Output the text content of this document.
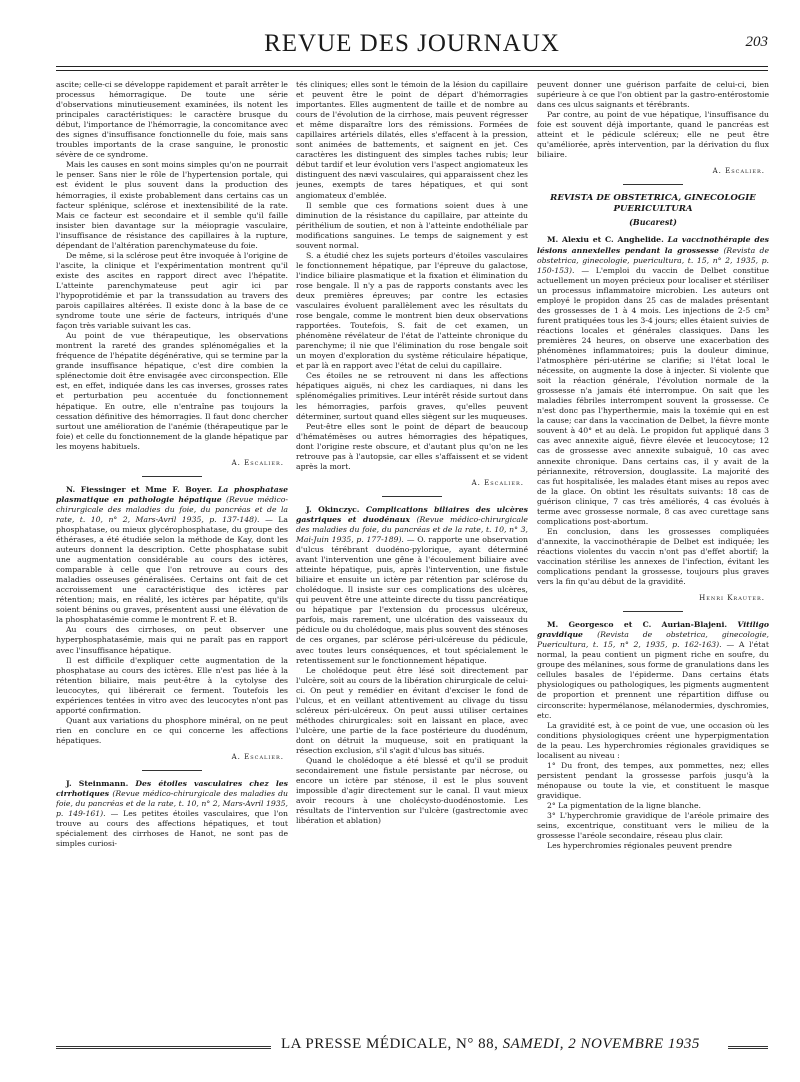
REVUE DES JOURNAUX	203

ascite; celle-ci se développe rapidement et paraît arrêter le processus hémorragique. De toute une série d'observations minutieusement examinées, ils notent les principales caractéristiques: le caractère brusque du début, l'importance de l'hémorragie, la concomitance avec des signes d'insuffisance fonctionnelle du foie, mais sans troubles importants de la crase sanguine, le pronostic sévère de ce syndrome.

Mais les causes en sont moins simples qu'on ne pourrait le penser. Sans nier le rôle de l'hypertension portale, qui est évident le plus souvent dans la production des hémorragies, il existe probablement dans certains cas un facteur splénique, sclérose et inextensibilité de la rate. Mais ce facteur est secondaire et il semble qu'il faille insister bien davantage sur la méiopragie vasculaire, l'insuffisance de résistance des capillaires à la rupture, dépendant de l'altération parenchymateuse du foie.

De même, si la sclérose peut être invoquée à l'origine de l'ascite, la clinique et l'expérimentation montrent qu'il existe des ascites en rapport direct avec l'hépatite. L'atteinte parenchymateuse peut agir ici par l'hypoprotidémie et par la transsudation au travers des parois capillaires altérées. Il existe donc à la base de ce syndrome toute une série de facteurs, intriqués d'une façon très variable suivant les cas.

Au point de vue thérapeutique, les observations montrent la rareté des grandes splénomégalies et la fréquence de l'hépatite dégénérative, qui se termine par la grande insuffisance hépatique, c'est dire combien la splénectomie doit être envisagée avec circonspection. Elle est, en effet, indiquée dans les cas inverses, grosses rates et perturbation peu accentuée du fonctionnement hépatique. En outre, elle n'entraîne pas toujours la cessation définitive des hémorragies. Il faut donc chercher surtout une amélioration de l'anémie (thérapeutique par le foie) et celle du fonctionnement de la glande hépatique par les moyens habituels.

A. Escalier.

N. Fiessinger et Mme F. Boyer. La phosphatase plasmatique en pathologie hépatique (Revue médico-chirurgicale des maladies du foie, du pancréas et de la rate, t. 10, n° 2, Mars-Avril 1935, p. 137-148). — La phosphatase, ou mieux glycérophosphatase, du groupe des éthérases, a été étudiée selon la méthode de Kay, dont les auteurs donnent la description. Cette phosphatase subit une augmentation considérable au cours des ictères, comparable à celle que l'on retrouve au cours des maladies osseuses généralisées. Certains ont fait de cet accroissement une caractéristique des ictères par rétention; mais, en réalité, les ictères par hépatite, qu'ils soient bénins ou graves, présentent aussi une élévation de la phosphatasémie comme le montrent F. et B.

Au cours des cirrhoses, on peut observer une hyperphosphatasémie, mais qui ne paraît pas en rapport avec l'insuffisance hépatique.

Il est difficile d'expliquer cette augmentation de la phosphatase au cours des ictères. Elle n'est pas liée à la rétention biliaire, mais peut-être à la cytolyse des leucocytes, qui libérerait ce ferment. Toutefois les expériences tentées in vitro avec des leucocytes n'ont pas apporté confirmation.

Quant aux variations du phosphore minéral, on ne peut rien en conclure en ce qui concerne les affections hépatiques.

A. Escalier.

J. Steinmann. Des étoiles vasculaires chez les cirrhotiques (Revue médico-chirurgicale des maladies du foie, du pancréas et de la rate, t. 10, n° 2, Mars-Avril 1935, p. 149-161). — Les petites étoiles vasculaires, que l'on trouve au cours des affections hépatiques, et tout spécialement des cirrhoses de Hanot, ne sont pas de simples curiosi-

tés cliniques; elles sont le témoin de la lésion du capillaire et peuvent être le point de départ d'hémorragies importantes. Elles augmentent de taille et de nombre au cours de l'évolution de la cirrhose, mais peuvent régresser et même disparaître lors des rémissions. Formées de capillaires artériels dilatés, elles s'effacent à la pression, sont animées de battements, et saignent en jet. Ces caractères les distinguent des simples taches rubis; leur début tardif et leur évolution vers l'aspect angiomateux les distinguent des nævi vasculaires, qui apparaissent chez les jeunes, exempts de tares hépatiques, et qui sont angiomateux d'emblée.

Il semble que ces formations soient dues à une diminution de la résistance du capillaire, par atteinte du périthélium de soutien, et non à l'atteinte endothéliale par modifications sanguines. Le temps de saignement y est souvent normal.

S. a étudié chez les sujets porteurs d'étoiles vasculaires le fonctionnement hépatique, par l'épreuve du galactose, l'indice biliaire plasmatique et la fixation et élimination du rose bengale. Il n'y a pas de rapports constants avec les deux premières épreuves; par contre les ectasies vasculaires évoluent parallèlement avec les résultats du rose bengale, comme le montrent bien deux observations rapportées. Toutefois, S. fait de cet examen, un phénomène révélateur de l'état de l'atteinte chronique du parenchyme; il nie que l'élimination du rose bengale soit un moyen d'exploration du système réticulaire hépatique, et par là en rapport avec l'état de celui du capillaire.

Ces étoiles ne se retrouvent ni dans les affections hépatiques aiguës, ni chez les cardiaques, ni dans les splénomégalies primitives. Leur intérêt réside surtout dans les hémorragies, parfois graves, qu'elles peuvent déterminer, surtout quand elles siègent sur les muqueuses.

Peut-être elles sont le point de départ de beaucoup d'hématémèses ou autres hémorragies des hépatiques, dont l'origine reste obscure, et d'autant plus qu'on ne les retrouve pas à l'autopsie, car elles s'affaissent et se vident après la mort.

A. Escalier.

J. Okinczyc. Complications biliaires des ulcères gastriques et duodénaux (Revue médico-chirurgicale des maladies du foie, du pancréas et de la rate, t. 10, n° 3, Mai-Juin 1935, p. 177-189). — O. rapporte une observation d'ulcus térébrant duodéno-pylorique, ayant déterminé avant l'intervention une gêne à l'écoulement biliaire avec atteinte hépatique, puis, après l'intervention, une fistule biliaire et ensuite un ictère par rétention par sclérose du cholédoque. Il insiste sur ces complications des ulcères, qui peuvent être une atteinte directe du tissu pancréatique ou hépatique par l'extension du processus ulcéreux, parfois, mais rarement, une ulcération des vaisseaux du pédicule ou du cholédoque, mais plus souvent des sténoses de ces organes, par sclérose péri-ulcéreuse du pédicule, avec toutes leurs conséquences, et tout spécialement le retentissement sur le fonctionnement hépatique.

Le cholédoque peut être lésé soit directement par l'ulcère, soit au cours de la libération chirurgicale de celui-ci. On peut y remédier en évitant d'exciser le fond de l'ulcus, et en veillant attentivement au clivage du tissu scléreux péri-ulcéreux. On peut aussi utiliser certaines méthodes chirurgicales: soit en laissant en place, avec l'ulcère, une partie de la face postérieure du duodénum, dont on détruit la muqueuse, soit en pratiquant la résection exclusion, s'il s'agit d'ulcus bas situés.

Quand le cholédoque a été blessé et qu'il se produit secondairement une fistule persistante par nécrose, ou encore un ictère par sténose, il est le plus souvent impossible d'agir directement sur le canal. Il vaut mieux avoir recours à une cholécysto-duodénostomie. Les résultats de l'intervention sur l'ulcère (gastrectomie avec libération et ablation)

peuvent donner une guérison parfaite de celui-ci, bien supérieure à ce que l'on obtient par la gastro-entérostomie dans ces ulcus saignants et térébrants.

Par contre, au point de vue hépatique, l'insuffisance du foie est souvent déjà importante, quand le pancréas est atteint et le pédicule scléreux; elle ne peut être qu'améliorée, après intervention, par la dérivation du flux biliaire.

A. Escalier.
REVISTA DE OBSTETRICA, GINECOLOGIE PUERICULTURA
(Bucarest)

M. Alexiu et C. Anghelide. La vaccinothérapie des lésions annexielles pendant la grossesse (Revista de obstetrica, ginecologie, puericultura, t. 15, n° 2, 1935, p. 150-153). — L'emploi du vaccin de Delbet constitue actuellement un moyen précieux pour localiser et stériliser un processus inflammatoire microbien. Les auteurs ont employé le propidon dans 25 cas de malades présentant des grossesses de 1 à 4 mois. Les injections de 2-5 cm³ furent pratiquées tous les 3-4 jours; elles étaient suivies de réactions locales et générales classiques. Dans les premières 24 heures, on observe une exacerbation des phénomènes inflammatoires; puis la douleur diminue, l'atmosphère péri-utérine se clarifie; si l'état local le nécessite, on augmente la dose à injecter. Si violente que soit la réaction générale, l'évolution normale de la grossesse n'a jamais été interrompue. On sait que les maladies fébriles interrompent souvent la grossesse. Ce n'est donc pas l'hyperthermie, mais la toxémie qui en est la cause; car dans la vaccination de Delbet, la fièvre monte souvent à 40° et au delà. Le propidon fut appliqué dans 3 cas avec annexite aiguë, fièvre élevée et leucocytose; 12 cas de grossesse avec annexite subaiguë, 10 cas avec annexite chronique. Dans certains cas, il y avait de la périannexite, rétroversion, douglassite. La majorité des cas fut hospitalisée, les malades étant mises au repos avec de la glace. On obtint les résultats suivants: 18 cas de guérison clinique, 7 cas très améliorés, 4 cas évolués à terme avec grossesse normale, 8 cas avec curettage sans complications post-abortum.

En conclusion, dans les grossesses compliquées d'annexite, la vaccinothérapie de Delbet est indiquée; les réactions violentes du vaccin n'ont pas d'effet abortif; la vaccination stérilise les annexes de l'infection, évitant les complications pendant la grossesse, toujours plus graves vers la fin qu'au début de la gravidité.

Henri Krauter.

M. Georgesco et C. Aurian-Blajeni. Vitiligo gravidique (Revista de obstetrica, ginecologie, Puericultura, t. 15, n° 2, 1935, p. 162-163). — A l'état normal, la peau contient un pigment riche en soufre, du groupe des mélanines, sous forme de granulations dans les cellules basales de l'épiderme. Dans certains états physiologiques ou pathologiques, les pigments augmentent de proportion et prennent une répartition diffuse ou circonscrite: hypermélanose, mélanodermies, dyschromies, etc.

La gravidité est, à ce point de vue, une occasion où les conditions physiologiques créent une hyperpigmentation de la peau. Les hyperchromies régionales gravidiques se localisent au niveau :

1° Du front, des tempes, aux pommettes, nez; elles persistent pendant la grossesse parfois jusqu'à la ménopause ou toute la vie, et constituent le masque gravidique.

2° La pigmentation de la ligne blanche.

3° L'hyperchromie gravidique de l'aréole primaire des seins, excentrique, constituant vers le milieu de la grossesse l'aréole secondaire, réseau plus clair.

Les hyperchromies régionales peuvent prendre

LA PRESSE MÉDICALE, N° 88, SAMEDI, 2 NOVEMBRE 1935
